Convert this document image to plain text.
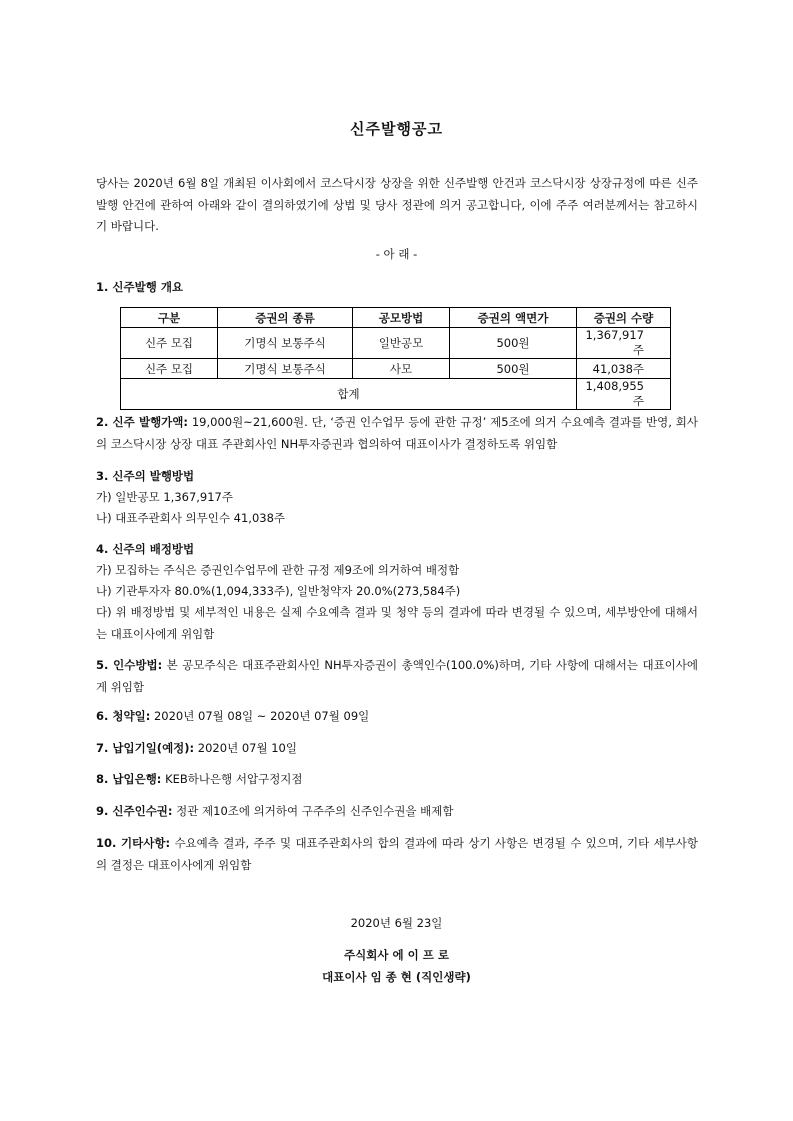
신주발행공고
당사는 2020년 6월 8일 개최된 이사회에서 코스닥시장 상장을 위한 신주발행 안건과 코스닥시장 상장규정에 따른 신주발행 안건에 관하여 아래와 같이 결의하였기에 상법 및 당사 정관에 의거 공고합니다, 이에 주주 여러분께서는 참고하시기 바랍니다.
- 아 래 -
1. 신주발행 개요
구분	증권의 종류	공모방법	증권의 액면가	증권의 수량
신주 모집	기명식 보통주식	일반공모	500원	1,367,917주
신주 모집	기명식 보통주식	사모	500원	41,038주
합계				1,408,955주
2. 신주 발행가액: 19,000원~21,600원. 단, ‘증권 인수업무 등에 관한 규정’ 제5조에 의거 수요예측 결과를 반영, 회사의 코스닥시장 상장 대표 주관회사인 NH투자증권과 협의하여 대표이사가 결정하도록 위임함
3. 신주의 발행방법
가) 일반공모 1,367,917주
나) 대표주관회사 의무인수 41,038주
4. 신주의 배정방법
가) 모집하는 주식은 증권인수업무에 관한 규정 제9조에 의거하여 배정함
나) 기관투자자 80.0%(1,094,333주), 일반청약자 20.0%(273,584주)
다) 위 배정방법 및 세부적인 내용은 실제 수요예측 결과 및 청약 등의 결과에 따라 변경될 수 있으며, 세부방안에 대해서는 대표이사에게 위임함
5. 인수방법: 본 공모주식은 대표주관회사인 NH투자증권이 총액인수(100.0%)하며, 기타 사항에 대해서는 대표이사에게 위임함
6. 청약일: 2020년 07월 08일 ~ 2020년 07월 09일
7. 납입기일(예정): 2020년 07월 10일
8. 납입은행: KEB하나은행 서압구정지점
9. 신주인수권: 정관 제10조에 의거하여 구주주의 신주인수권을 배제함
10. 기타사항: 수요예측 결과, 주주 및 대표주관회사의 합의 결과에 따라 상기 사항은 변경될 수 있으며, 기타 세부사항의 결정은 대표이사에게 위임함
2020년 6월 23일
주식회사 에 이 프 로
대표이사 임 종 현 (직인생략)
